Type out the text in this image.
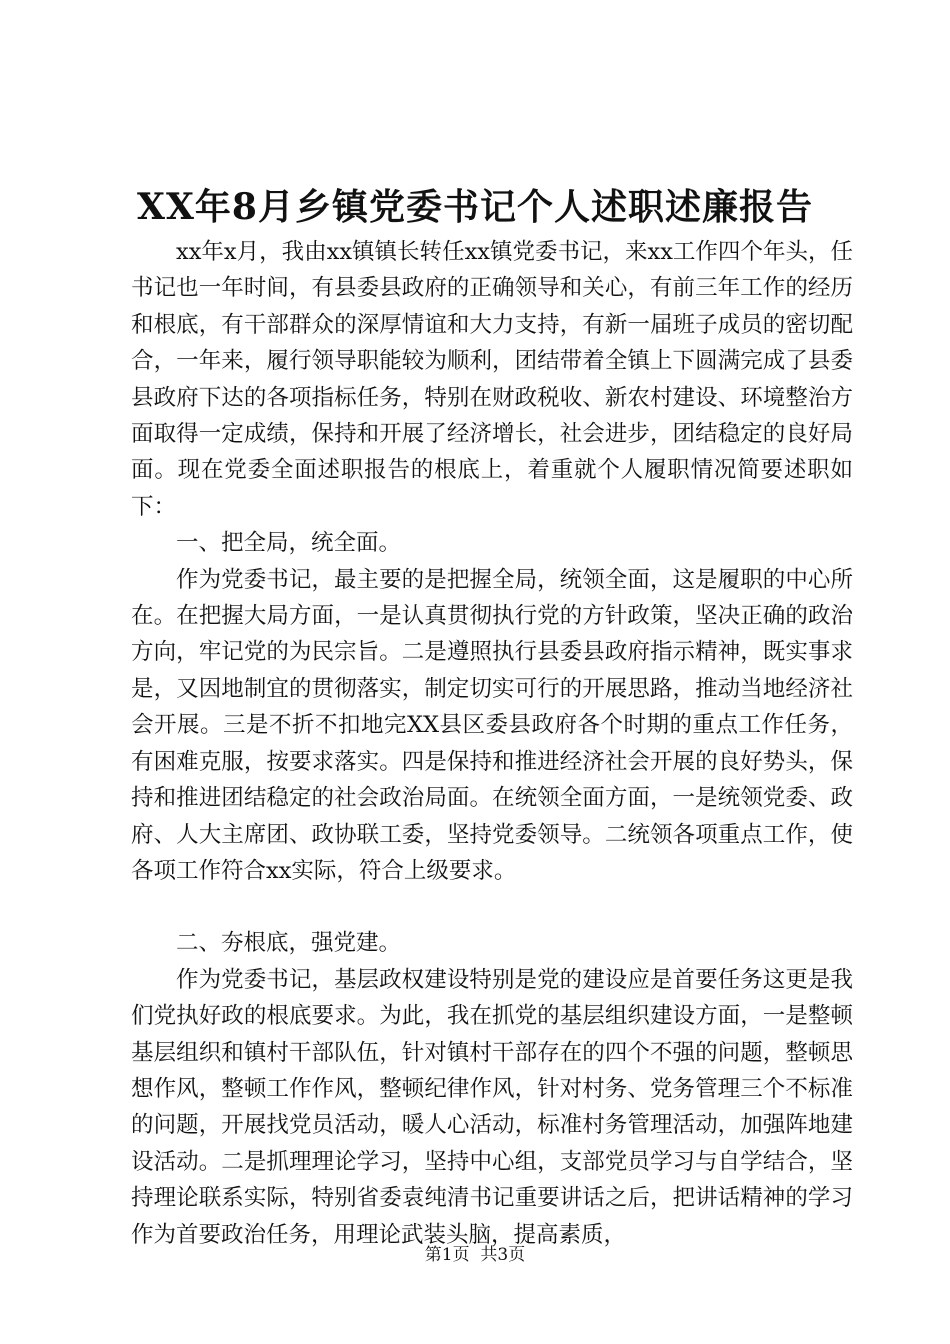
XX年8月乡镇党委书记个人述职述廉报告

xx年x月，我由xx镇镇长转任xx镇党委书记，来xx工作四个年头，任书记也一年时间，有县委县政府的正确领导和关心，有前三年工作的经历和根底，有干部群众的深厚情谊和大力支持，有新一届班子成员的密切配合，一年来，履行领导职能较为顺利，团结带着全镇上下圆满完成了县委县政府下达的各项指标任务，特别在财政税收、新农村建设、环境整治方面取得一定成绩，保持和开展了经济增长，社会进步，团结稳定的良好局面。现在党委全面述职报告的根底上，着重就个人履职情况简要述职如下：

一、把全局，统全面。

作为党委书记，最主要的是把握全局，统领全面，这是履职的中心所在。在把握大局方面，一是认真贯彻执行党的方针政策，坚决正确的政治方向，牢记党的为民宗旨。二是遵照执行县委县政府指示精神，既实事求是，又因地制宜的贯彻落实，制定切实可行的开展思路，推动当地经济社会开展。三是不折不扣地完XX县区委县政府各个时期的重点工作任务，有困难克服，按要求落实。四是保持和推进经济社会开展的良好势头，保持和推进团结稳定的社会政治局面。在统领全面方面，一是统领党委、政府、人大主席团、政协联工委，坚持党委领导。二统领各项重点工作，使各项工作符合xx实际，符合上级要求。

二、夯根底，强党建。

作为党委书记，基层政权建设特别是党的建设应是首要任务这更是我们党执好政的根底要求。为此，我在抓党的基层组织建设方面，一是整顿基层组织和镇村干部队伍，针对镇村干部存在的四个不强的问题，整顿思想作风，整顿工作作风，整顿纪律作风，针对村务、党务管理三个不标准的问题，开展找党员活动，暖人心活动，标准村务管理活动，加强阵地建设活动。二是抓理理论学习，坚持中心组，支部党员学习与自学结合，坚持理论联系实际，特别省委袁纯清书记重要讲话之后，把讲话精神的学习作为首要政治任务，用理论武装头脑，提高素质，

第1页 共3页
